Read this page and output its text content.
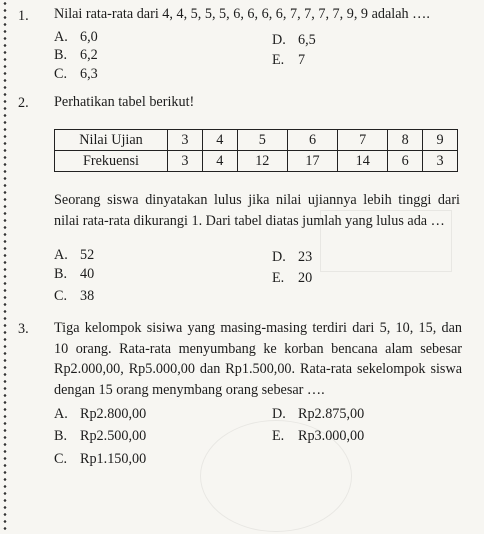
1. Nilai rata-rata dari 4, 4, 5, 5, 5, 6, 6, 6, 6, 7, 7, 7, 7, 9, 9 adalah ….
A. 6,0
B. 6,2
C. 6,3
D. 6,5
E. 7
2. Perhatikan tabel berikut!
Nilai Ujian	3	4	5	6	7	8	9
Frekuensi	3	4	12	17	14	6	3
Seorang siswa dinyatakan lulus jika nilai ujiannya lebih tinggi dari nilai rata-rata dikurangi 1. Dari tabel diatas jumlah yang lulus ada …
A. 52
B. 40
C. 38
D. 23
E. 20
3. Tiga kelompok sisiwa yang masing-masing terdiri dari 5, 10, 15, dan 10 orang. Rata-rata menyumbang ke korban bencana alam sebesar Rp2.000,00, Rp5.000,00 dan Rp1.500,00. Rata-rata sekelompok siswa dengan 15 orang menymbang orang sebesar ….
A. Rp2.800,00
B. Rp2.500,00
C. Rp1.150,00
D. Rp2.875,00
E. Rp3.000,00
